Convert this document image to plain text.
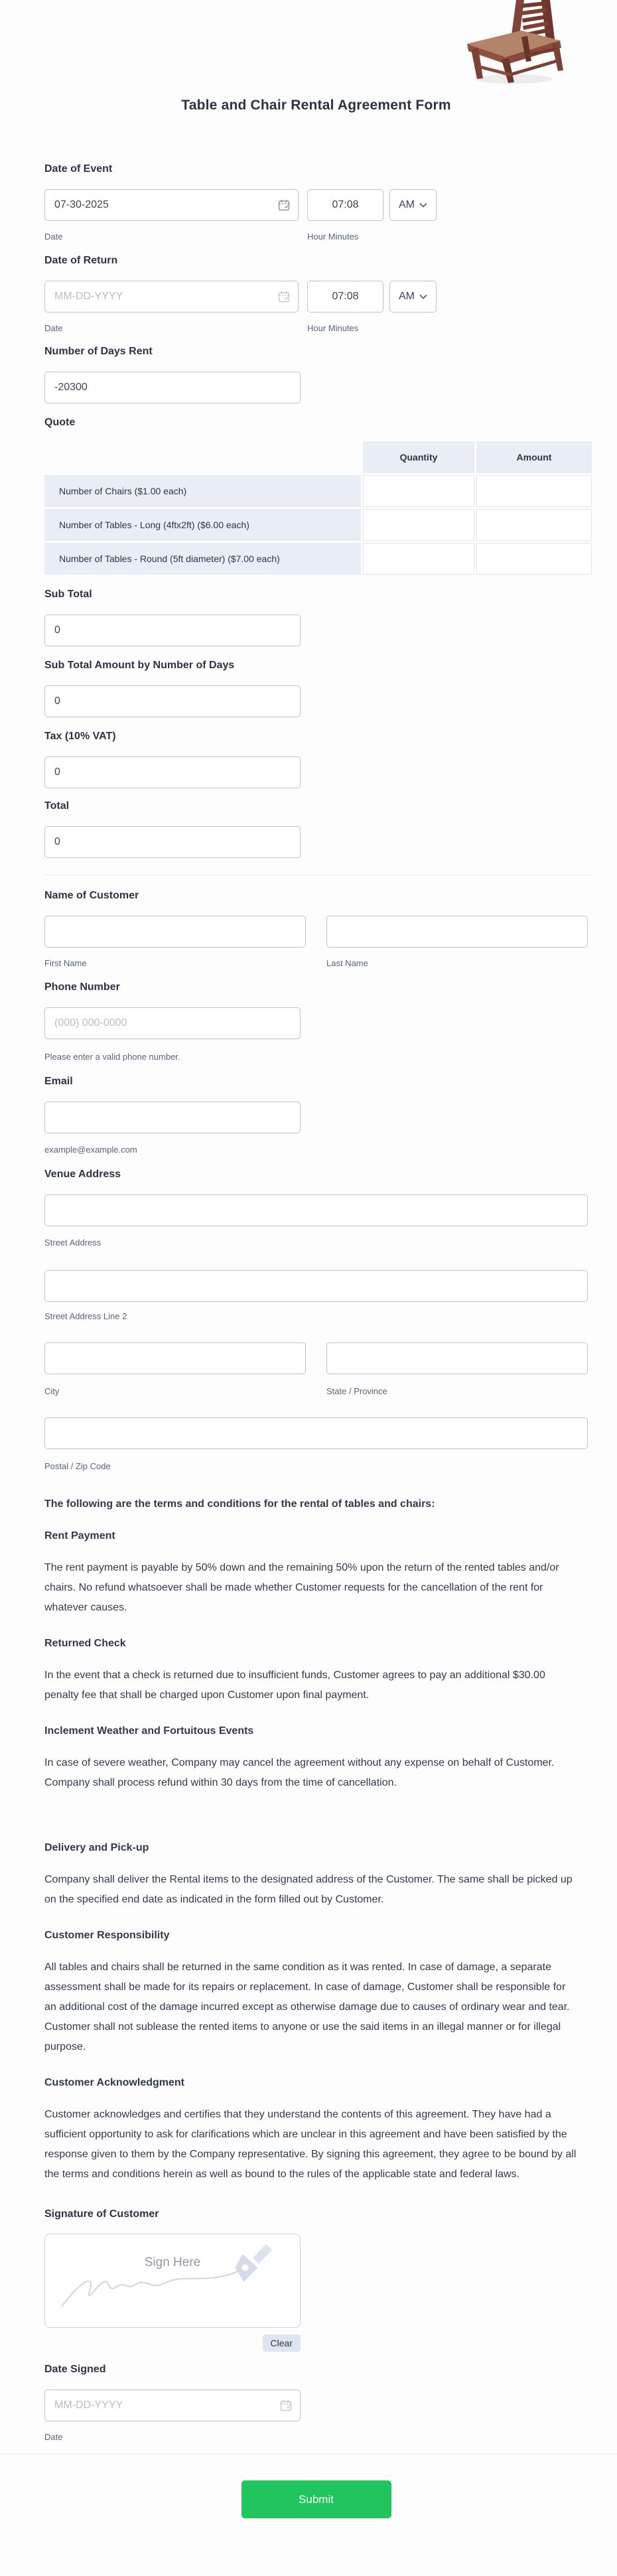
Table and Chair Rental Agreement Form
Date of Event
07-30-2025
07:08
AM
Date	Hour Minutes
Date of Return
MM-DD-YYYY
07:08
AM
Date	Hour Minutes
Number of Days Rent
-20300
Quote
Quantity	Amount
Number of Chairs ($1.00 each)
Number of Tables - Long (4ftx2ft) ($6.00 each)
Number of Tables - Round (5ft diameter) ($7.00 each)
Sub Total
0
Sub Total Amount by Number of Days
0
Tax (10% VAT)
0
Total
0
Name of Customer
First Name	Last Name
Phone Number
(000) 000-0000
Please enter a valid phone number.
Email
example@example.com
Venue Address
Street Address
Street Address Line 2
City	State / Province
Postal / Zip Code
The following are the terms and conditions for the rental of tables and chairs:
Rent Payment
The rent payment is payable by 50% down and the remaining 50% upon the return of the rented tables and/or chairs. No refund whatsoever shall be made whether Customer requests for the cancellation of the rent for whatever causes.
Returned Check
In the event that a check is returned due to insufficient funds, Customer agrees to pay an additional $30.00 penalty fee that shall be charged upon Customer upon final payment.
Inclement Weather and Fortuitous Events
In case of severe weather, Company may cancel the agreement without any expense on behalf of Customer. Company shall process refund within 30 days from the time of cancellation.
Delivery and Pick-up
Company shall deliver the Rental items to the designated address of the Customer. The same shall be picked up on the specified end date as indicated in the form filled out by Customer.
Customer Responsibility
All tables and chairs shall be returned in the same condition as it was rented. In case of damage, a separate assessment shall be made for its repairs or replacement. In case of damage, Customer shall be responsible for an additional cost of the damage incurred except as otherwise damage due to causes of ordinary wear and tear. Customer shall not sublease the rented items to anyone or use the said items in an illegal manner or for illegal purpose.
Customer Acknowledgment
Customer acknowledges and certifies that they understand the contents of this agreement. They have had a sufficient opportunity to ask for clarifications which are unclear in this agreement and have been satisfied by the response given to them by the Company representative. By signing this agreement, they agree to be bound by all the terms and conditions herein as well as bound to the rules of the applicable state and federal laws.
Signature of Customer
Sign Here
Clear
Date Signed
MM-DD-YYYY
Date
Submit
